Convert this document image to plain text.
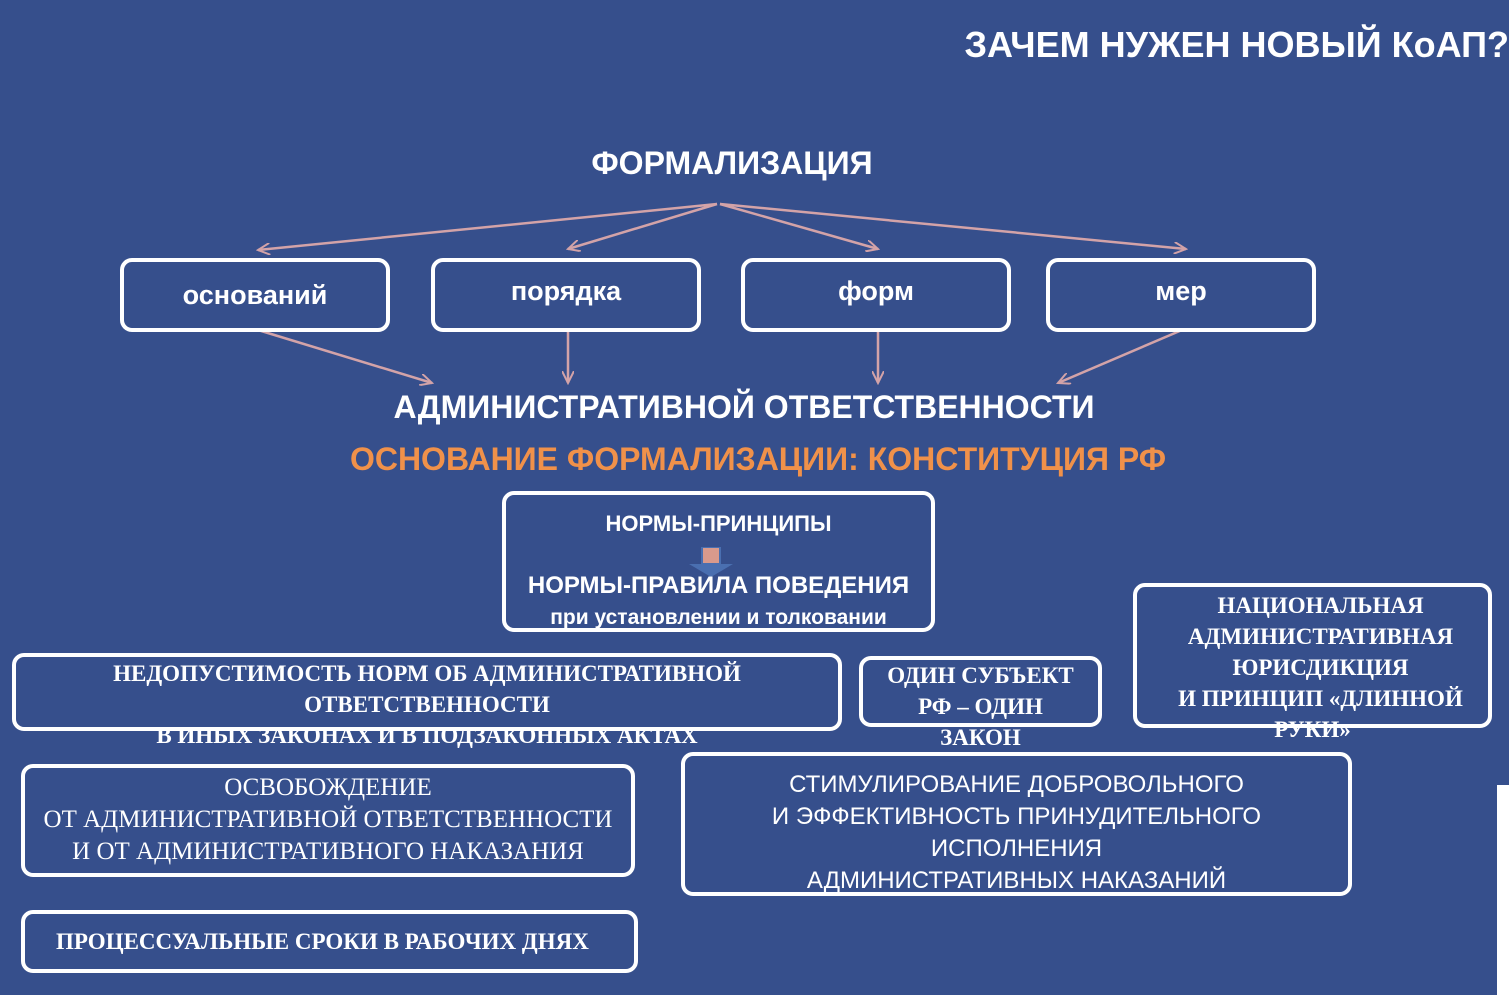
ЗАЧЕМ НУЖЕН НОВЫЙ КоАП?
ФОРМАЛИЗАЦИЯ
оснований	порядка	форм	мер
АДМИНИСТРАТИВНОЙ ОТВЕТСТВЕННОСТИ
ОСНОВАНИЕ ФОРМАЛИЗАЦИИ: КОНСТИТУЦИЯ РФ
НОРМЫ-ПРИНЦИПЫ
НОРМЫ-ПРАВИЛА ПОВЕДЕНИЯ
при установлении и толковании
НЕДОПУСТИМОСТЬ НОРМ ОБ АДМИНИСТРАТИВНОЙ
ОТВЕТСТВЕННОСТИ
В ИНЫХ ЗАКОНАХ И В ПОДЗАКОННЫХ АКТАХ
ОДИН СУБЪЕКТ
РФ – ОДИН
ЗАКОН
НАЦИОНАЛЬНАЯ
АДМИНИСТРАТИВНАЯ
ЮРИСДИКЦИЯ
И ПРИНЦИП «ДЛИННОЙ
РУКИ»
ОСВОБОЖДЕНИЕ
ОТ АДМИНИСТРАТИВНОЙ ОТВЕТСТВЕННОСТИ
И ОТ АДМИНИСТРАТИВНОГО НАКАЗАНИЯ
СТИМУЛИРОВАНИЕ ДОБРОВОЛЬНОГО
И ЭФФЕКТИВНОСТЬ ПРИНУДИТЕЛЬНОГО
ИСПОЛНЕНИЯ
АДМИНИСТРАТИВНЫХ НАКАЗАНИЙ
ПРОЦЕССУАЛЬНЫЕ СРОКИ В РАБОЧИХ ДНЯХ
